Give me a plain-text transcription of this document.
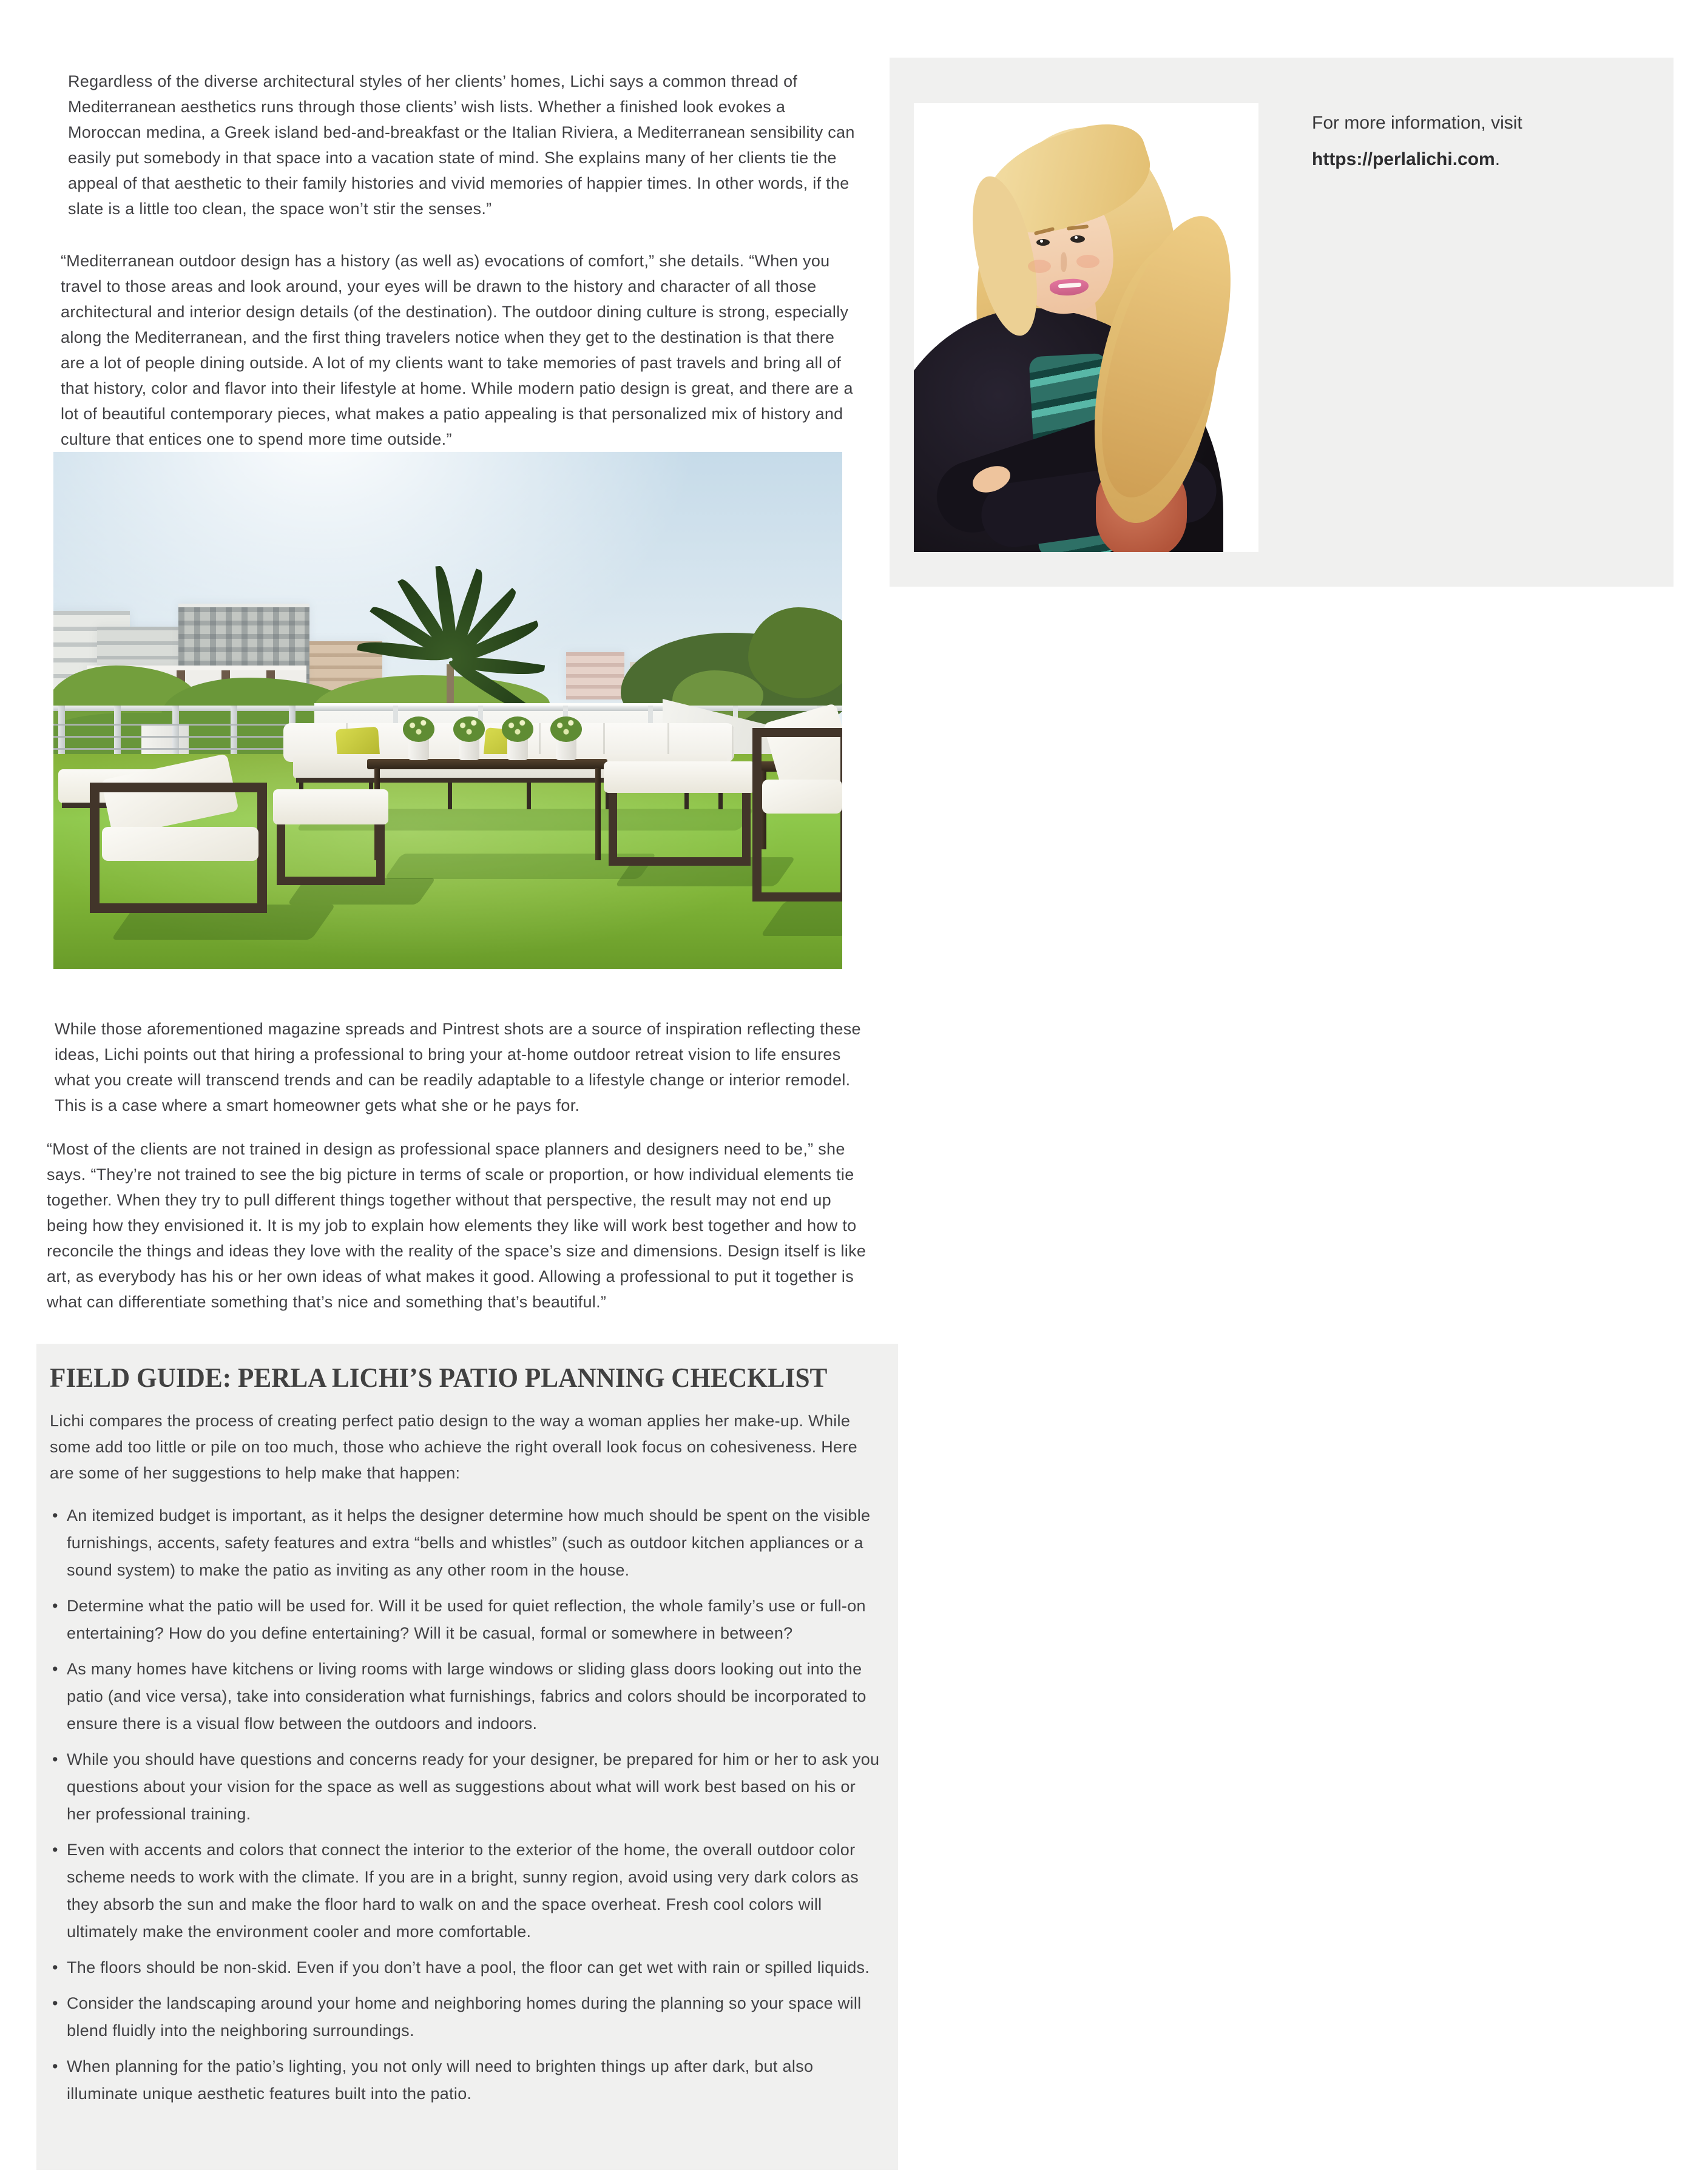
Regardless of the diverse architectural styles of her clients’ homes, Lichi says a common thread of Mediterranean aesthetics runs through those clients’ wish lists. Whether a finished look evokes a Moroccan medina, a Greek island bed-and-breakfast or the Italian Riviera, a Mediterranean sensibility can easily put somebody in that space into a vacation state of mind. She explains many of her clients tie the appeal of that aesthetic to their family histories and vivid memories of happier times. In other words, if the slate is a little too clean, the space won’t stir the senses.”

“Mediterranean outdoor design has a history (as well as) evocations of comfort,” she details. “When you travel to those areas and look around, your eyes will be drawn to the history and character of all those architectural and interior design details (of the destination). The outdoor dining culture is strong, especially along the Mediterranean, and the first thing travelers notice when they get to the destination is that there are a lot of people dining outside. A lot of my clients want to take memories of past travels and bring all of that history, color and flavor into their lifestyle at home. While modern patio design is great, and there are a lot of beautiful contemporary pieces, what makes a patio appealing is that personalized mix of history and culture that entices one to spend more time outside.”

While those aforementioned magazine spreads and Pintrest shots are a source of inspiration reflecting these ideas, Lichi points out that hiring a professional to bring your at-home outdoor retreat vision to life ensures what you create will transcend trends and can be readily adaptable to a lifestyle change or interior remodel. This is a case where a smart homeowner gets what she or he pays for.

“Most of the clients are not trained in design as professional space planners and designers need to be,” she says. “They’re not trained to see the big picture in terms of scale or proportion, or how individual elements tie together. When they try to pull different things together without that perspective, the result may not end up being how they envisioned it. It is my job to explain how elements they like will work best together and how to reconcile the things and ideas they love with the reality of the space’s size and dimensions. Design itself is like art, as everybody has his or her own ideas of what makes it good. Allowing a professional to put it together is what can differentiate something that’s nice and something that’s beautiful.”

FIELD GUIDE: PERLA LICHI’S PATIO PLANNING CHECKLIST

Lichi compares the process of creating perfect patio design to the way a woman applies her make-up. While some add too little or pile on too much, those who achieve the right overall look focus on cohesiveness. Here are some of her suggestions to help make that happen:

• An itemized budget is important, as it helps the designer determine how much should be spent on the visible furnishings, accents, safety features and extra “bells and whistles” (such as outdoor kitchen appliances or a sound system) to make the patio as inviting as any other room in the house.
• Determine what the patio will be used for. Will it be used for quiet reflection, the whole family’s use or full-on entertaining? How do you define entertaining? Will it be casual, formal or somewhere in between?
• As many homes have kitchens or living rooms with large windows or sliding glass doors looking out into the patio (and vice versa), take into consideration what furnishings, fabrics and colors should be incorporated to ensure there is a visual flow between the outdoors and indoors.
• While you should have questions and concerns ready for your designer, be prepared for him or her to ask you questions about your vision for the space as well as suggestions about what will work best based on his or her professional training.
• Even with accents and colors that connect the interior to the exterior of the home, the overall outdoor color scheme needs to work with the climate. If you are in a bright, sunny region, avoid using very dark colors as they absorb the sun and make the floor hard to walk on and the space overheat. Fresh cool colors will ultimately make the environment cooler and more comfortable.
• The floors should be non-skid. Even if you don’t have a pool, the floor can get wet with rain or spilled liquids.
• Consider the landscaping around your home and neighboring homes during the planning so your space will blend fluidly into the neighboring surroundings.
• When planning for the patio’s lighting, you not only will need to brighten things up after dark, but also illuminate unique aesthetic features built into the patio.
For more information, visit
https://perlalichi.com.
